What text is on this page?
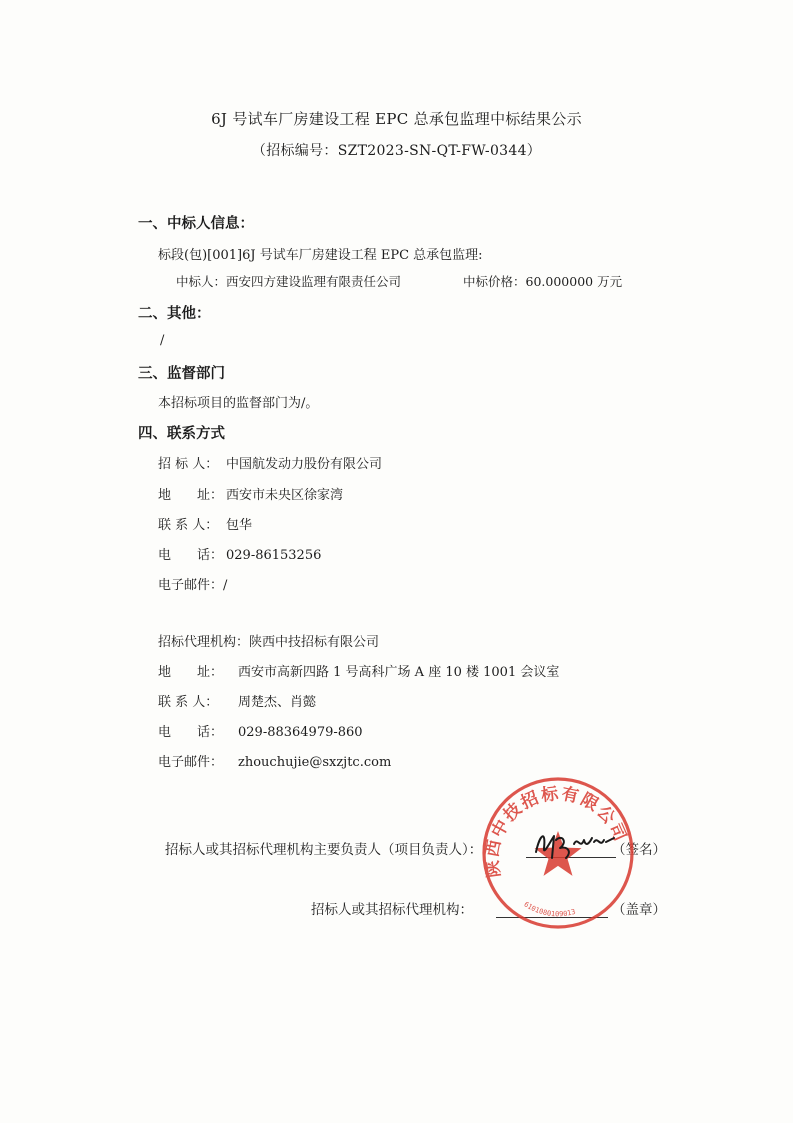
6J 号试车厂房建设工程 EPC 总承包监理中标结果公示
（招标编号：SZT2023-SN-QT-FW-0344）
一、中标人信息：
标段(包)[001]6J 号试车厂房建设工程 EPC 总承包监理:
中标人：西安四方建设监理有限责任公司	中标价格：60.000000 万元
二、其他：
/
三、监督部门
本招标项目的监督部门为/。
四、联系方式
招 标 人： 中国航发动力股份有限公司
地　　址： 西安市未央区徐家湾
联 系 人： 包华
电　　话： 029-86153256
电子邮件：/
招标代理机构：陕西中技招标有限公司
地　　址： 西安市高新四路 1 号高科广场 A 座 10 楼 1001 会议室
联 系 人： 周楚杰、肖懿
电　　话： 029-88364979-860
电子邮件： zhouchujie@sxzjtc.com
招标人或其招标代理机构主要负责人（项目负责人）：	（签名）
招标人或其招标代理机构：	（盖章）
陕西中技招标有限公司
6101080109013
